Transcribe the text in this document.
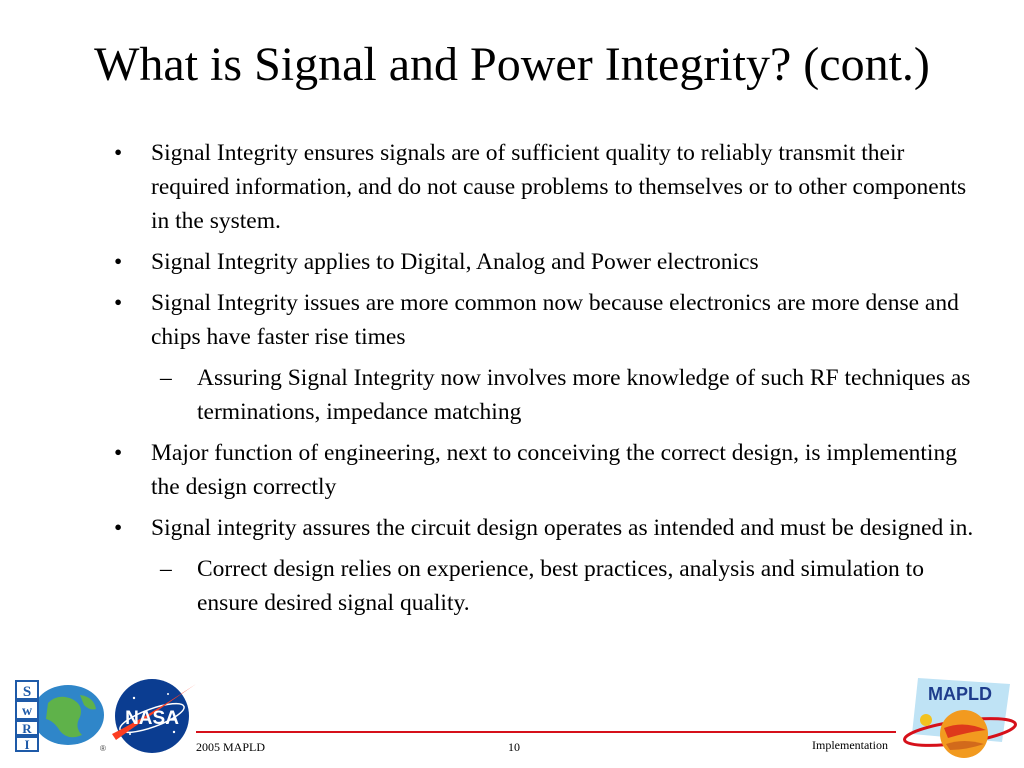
What is Signal and Power Integrity? (cont.)
• Signal Integrity ensures signals are of sufficient quality to reliably transmit their required information, and do not cause problems to themselves or to other components in the system.
• Signal Integrity applies to Digital, Analog and Power electronics
• Signal Integrity issues are more common now because electronics are more dense and chips have faster rise times
– Assuring Signal Integrity now involves more knowledge of such RF techniques as terminations, impedance matching
• Major function of engineering, next to conceiving the correct design, is implementing the design correctly
• Signal integrity assures the circuit design operates as intended and must be designed in.
– Correct design relies on experience, best practices, analysis and simulation to ensure desired signal quality.
S
w
R
I	®
NASA
2005 MAPLD	10	Implementation
MAPLD
